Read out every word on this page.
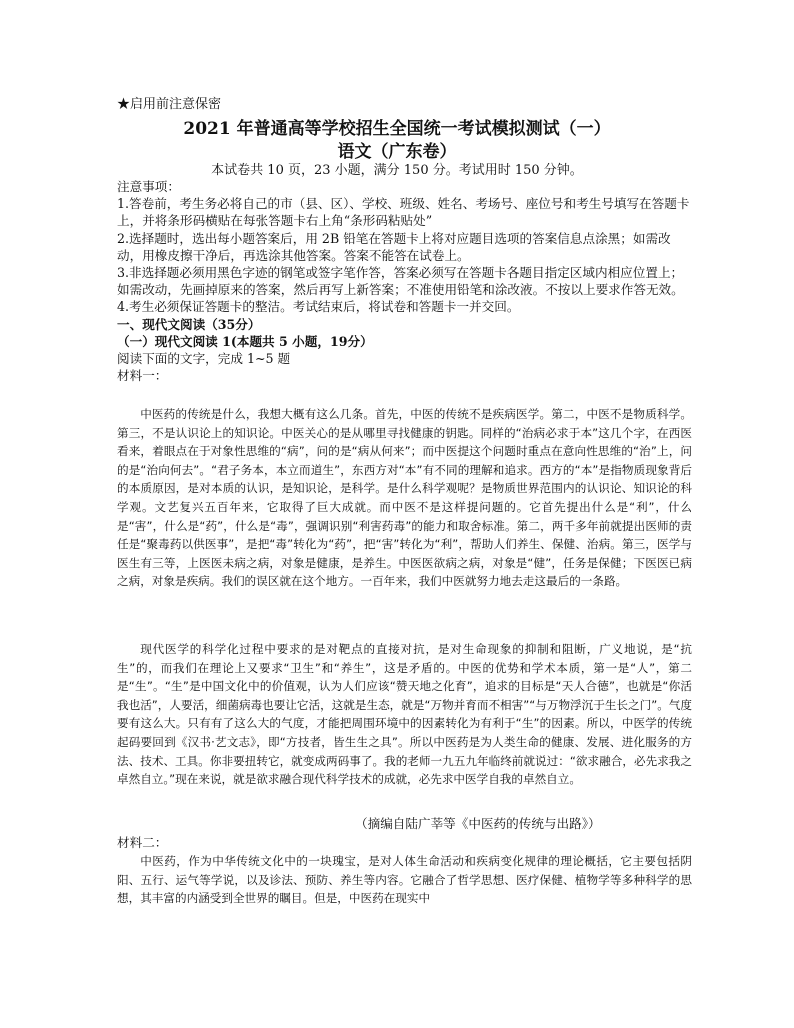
★启用前注意保密
2021 年普通高等学校招生全国统一考试模拟测试（一）
语文（广东卷）
本试卷共 10 页，23 小题，满分 150 分。考试用时 150 分钟。

注意事项：

1.答卷前，考生务必将自己的市（县、区）、学校、班级、姓名、考场号、座位号和考生号填写在答题卡上，并将条形码横贴在每张答题卡右上角“条形码粘贴处”

2.选择题时，选出每小题答案后，用 2B 铅笔在答题卡上将对应题目选项的答案信息点涂黑；如需改动，用橡皮擦干净后，再选涂其他答案。答案不能答在试卷上。

3.非选择题必须用黑色字迹的钢笔或签字笔作答，答案必须写在答题卡各题目指定区域内相应位置上；如需改动，先画掉原来的答案，然后再写上新答案；不准使用铅笔和涂改液。不按以上要求作答无效。

4.考生必须保证答题卡的整洁。考试结束后，将试卷和答题卡一并交回。

一、现代文阅读（35分）

（一）现代文阅读 1(本题共 5 小题，19分）

阅读下面的文字，完成 1~5 题

材料一：

中医药的传统是什么，我想大概有这么几条。首先，中医的传统不是疾病医学。第二，中医不是物质科学。第三，不是认识论上的知识论。中医关心的是从哪里寻找健康的钥匙。同样的“治病必求于本”这几个字，在西医看来，着眼点在于对象性思维的“病”，问的是“病从何来”；而中医提这个问题时重点在意向性思维的“治”上，问的是“治向何去”。“君子务本，本立而道生”，东西方对“本”有不同的理解和追求。西方的“本”是指物质现象背后的本质原因，是对本质的认识，是知识论，是科学。是什么科学观呢？是物质世界范围内的认识论、知识论的科学观。文艺复兴五百年来，它取得了巨大成就。而中医不是这样提问题的。它首先提出什么是“利”，什么是“害”，什么是“药”，什么是“毒”，强调识别“利害药毒”的能力和取舍标准。第二，两千多年前就提出医师的责任是“聚毒药以供医事”，是把“毒”转化为“药”，把“害”转化为“利”，帮助人们养生、保健、治病。第三，医学与医生有三等，上医医未病之病，对象是健康，是养生。中医医欲病之病，对象是“健”，任务是保健；下医医已病之病，对象是疾病。我们的误区就在这个地方。一百年来，我们中医就努力地去走这最后的一条路。

现代医学的科学化过程中要求的是对靶点的直接对抗，是对生命现象的抑制和阻断，广义地说，是“抗生”的，而我们在理论上又要求“卫生”和“养生”，这是矛盾的。中医的优势和学术本质，第一是“人”，第二是“生”。“生”是中国文化中的价值观，认为人们应该“赞天地之化育”，追求的目标是“天人合德”，也就是“你活我也活”，人要活，细菌病毒也要让它活，这就是生态，就是“万物并育而不相害”“与万物浮沉于生长之门”。气度要有这么大。只有有了这么大的气度，才能把周围环境中的因素转化为有利于“生”的因素。所以，中医学的传统起码要回到《汉书·艺文志》，即“方技者，皆生生之具”。所以中医药是为人类生命的健康、发展、进化服务的方法、技术、工具。你非要扭转它，就变成两码事了。我的老师一九五九年临终前就说过：“欲求融合，必先求我之卓然自立。”现在来说，就是欲求融合现代科学技术的成就，必先求中医学自我的卓然自立。

（摘编自陆广莘等《中医药的传统与出路》）
材料二：

中医药，作为中华传统文化中的一块瑰宝，是对人体生命活动和疾病变化规律的理论概括，它主要包括阴阳、五行、运气等学说，以及诊法、预防、养生等内容。它融合了哲学思想、医疗保健、植物学等多种科学的思想，其丰富的内涵受到全世界的瞩目。但是，中医药在现实中
